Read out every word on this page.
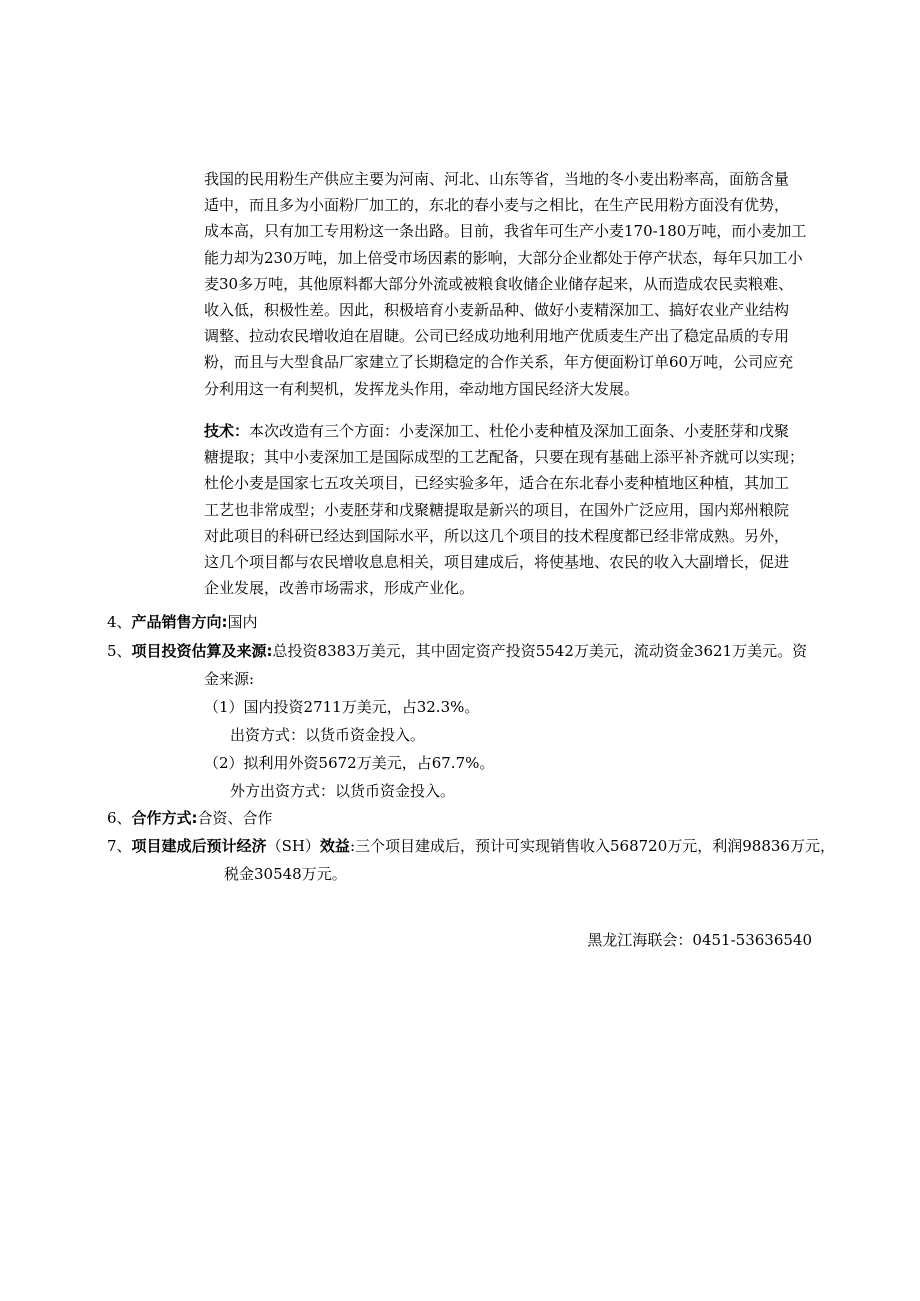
我国的民用粉生产供应主要为河南、河北、山东等省，当地的冬小麦出粉率高，面筋含量
适中，而且多为小面粉厂加工的，东北的春小麦与之相比，在生产民用粉方面没有优势，
成本高，只有加工专用粉这一条出路。目前，我省年可生产小麦170-180万吨，而小麦加工
能力却为230万吨，加上倍受市场因素的影响，大部分企业都处于停产状态，每年只加工小
麦30多万吨，其他原料都大部分外流或被粮食收储企业储存起来，从而造成农民卖粮难、
收入低，积极性差。因此，积极培育小麦新品种、做好小麦精深加工、搞好农业产业结构
调整、拉动农民增收迫在眉睫。公司已经成功地利用地产优质麦生产出了稳定品质的专用
粉，而且与大型食品厂家建立了长期稳定的合作关系，年方便面粉订单60万吨，公司应充
分利用这一有利契机，发挥龙头作用，牵动地方国民经济大发展。
技术：本次改造有三个方面：小麦深加工、杜伦小麦种植及深加工面条、小麦胚芽和戊聚
糖提取；其中小麦深加工是国际成型的工艺配备，只要在现有基础上添平补齐就可以实现；
杜伦小麦是国家七五攻关项目，已经实验多年，适合在东北春小麦种植地区种植，其加工
工艺也非常成型；小麦胚芽和戊聚糖提取是新兴的项目，在国外广泛应用，国内郑州粮院
对此项目的科研已经达到国际水平，所以这几个项目的技术程度都已经非常成熟。另外，
这几个项目都与农民增收息息相关，项目建成后，将使基地、农民的收入大副增长，促进
企业发展，改善市场需求，形成产业化。
4、产品销售方向:国内
5、项目投资估算及来源:总投资8383万美元，其中固定资产投资5542万美元，流动资金3621万美元。资
金来源:
（1）国内投资2711万美元，占32.3%。
出资方式：以货币资金投入。
（2）拟利用外资5672万美元，占67.7%。
外方出资方式：以货币资金投入。
6、合作方式:合资、合作
7、项目建成后预计经济（SH）效益:三个项目建成后，预计可实现销售收入568720万元，利润98836万元，
税金30548万元。
黑龙江海联会：0451-53636540
